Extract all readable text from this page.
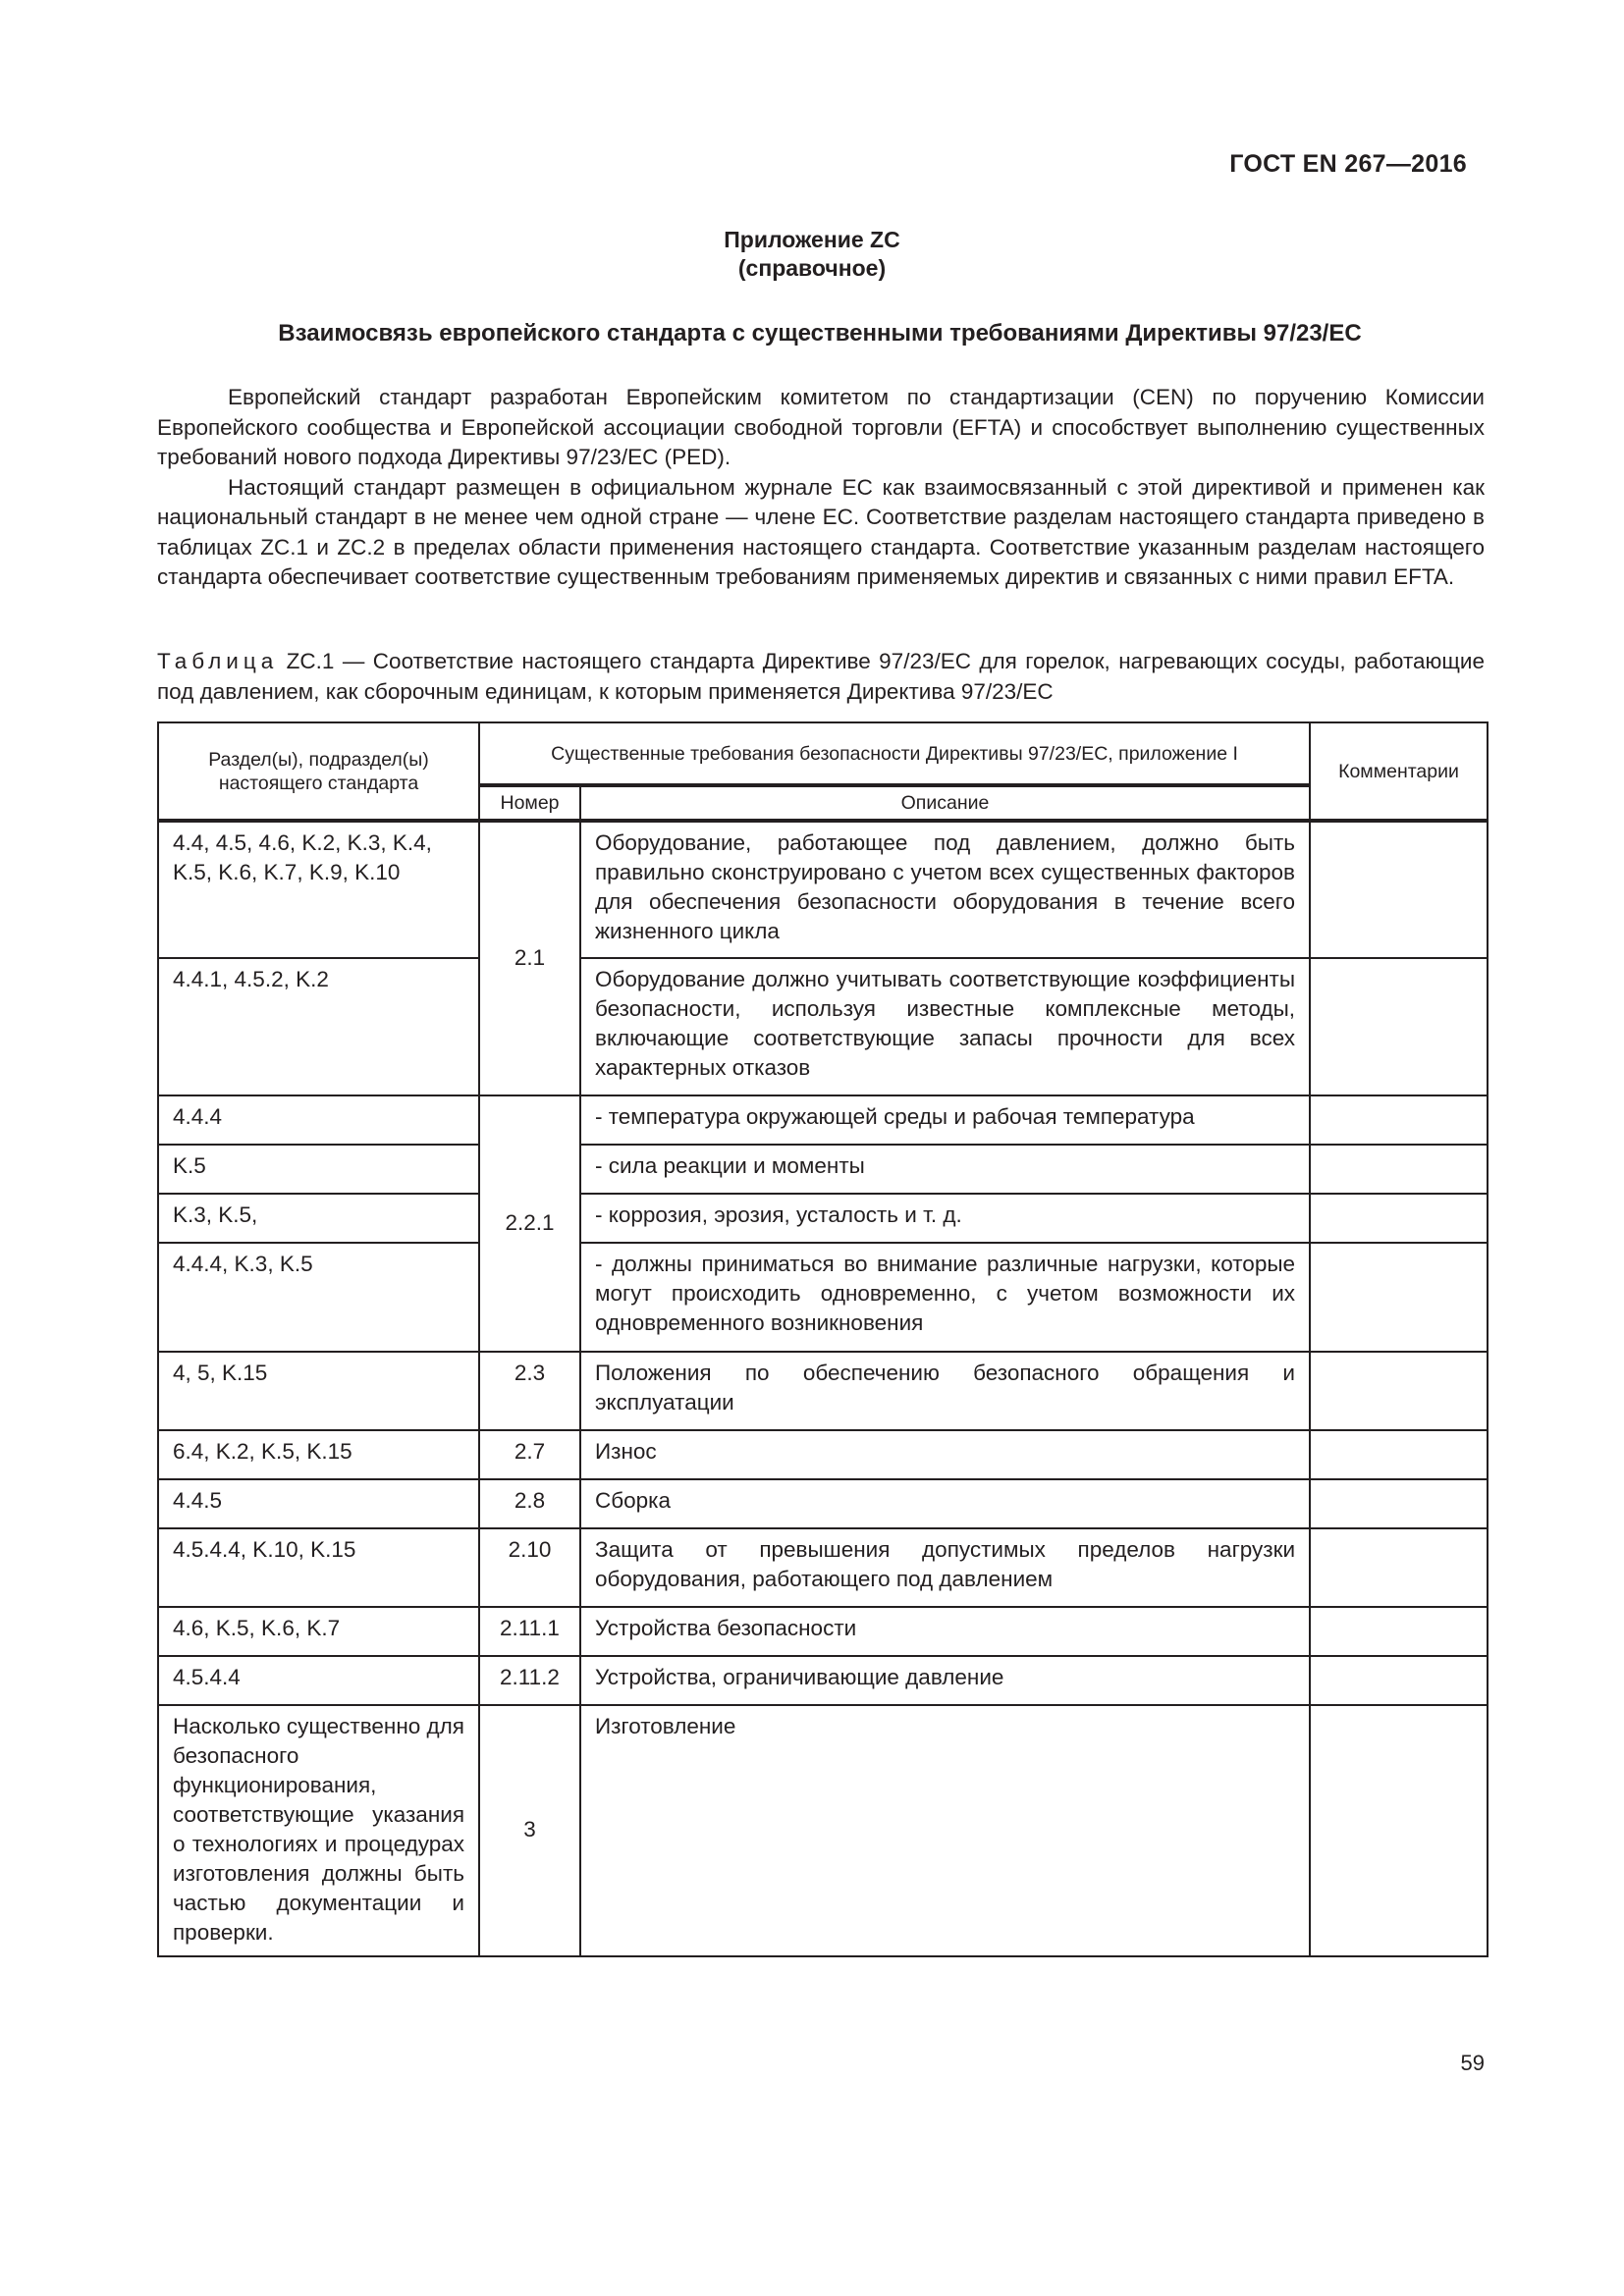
ГОСТ EN 267—2016
Приложение ZC
(справочное)
Взаимосвязь европейского стандарта с существенными требованиями Директивы 97/23/ЕС

Европейский стандарт разработан Европейским комитетом по стандартизации (CEN) по поручению Комиссии Европейского сообщества и Европейской ассоциации свободной торговли (EFTA) и способствует выполнению существенных требований нового подхода Директивы 97/23/ЕС (PED).

Настоящий стандарт размещен в официальном журнале ЕС как взаимосвязанный с этой директивой и применен как национальный стандарт в не менее чем одной стране — члене ЕС. Соответствие разделам настоящего стандарта приведено в таблицах ZC.1 и ZC.2 в пределах области применения настоящего стандарта. Соответствие указанным разделам настоящего стандарта обеспечивает соответствие существенным требованиям применяемых директив и связанных с ними правил EFTA.

Таблица ZC.1 — Соответствие настоящего стандарта Директиве 97/23/ЕС для горелок, нагревающих сосуды, работающие под давлением, как сборочным единицам, к которым применяется Директива 97/23/ЕС
Раздел(ы), подраздел(ы) настоящего стандарта	Существенные требования безопасности Директивы 97/23/ЕС, приложение I		Комментарии
	Номер	Описание	
4.4, 4.5, 4.6, K.2, K.3, K.4, K.5, K.6, K.7, K.9, K.10	2.1	Оборудование, работающее под давлением, должно быть правильно сконструировано с учетом всех существенных факторов для обеспечения безопасности оборудования в течение всего жизненного цикла	
4.4.1, 4.5.2, K.2		Оборудование должно учитывать соответствующие коэффициенты безопасности, используя известные комплексные методы, включающие соответствующие запасы прочности для всех характерных отказов	
4.4.4	2.2.1	- температура окружающей среды и рабочая температура	
K.5		- сила реакции и моменты	
K.3, K.5,		- коррозия, эрозия, усталость и т. д.	
4.4.4, K.3, K.5		- должны приниматься во внимание различные нагрузки, которые могут происходить одновременно, с учетом возможности их одновременного возникновения	
4, 5, K.15	2.3	Положения по обеспечению безопасного обращения и эксплуатации	
6.4, K.2, K.5, K.15	2.7	Износ	
4.4.5	2.8	Сборка	
4.5.4.4, K.10, K.15	2.10	Защита от превышения допустимых пределов нагрузки оборудования, работающего под давлением	
4.6, K.5, K.6, K.7	2.11.1	Устройства безопасности	
4.5.4.4	2.11.2	Устройства, ограничивающие давление	
Насколько существенно для безопасного функционирования, соответствующие указания о технологиях и процедурах изготовления должны быть частью документации и проверки.	3	Изготовление	
59
